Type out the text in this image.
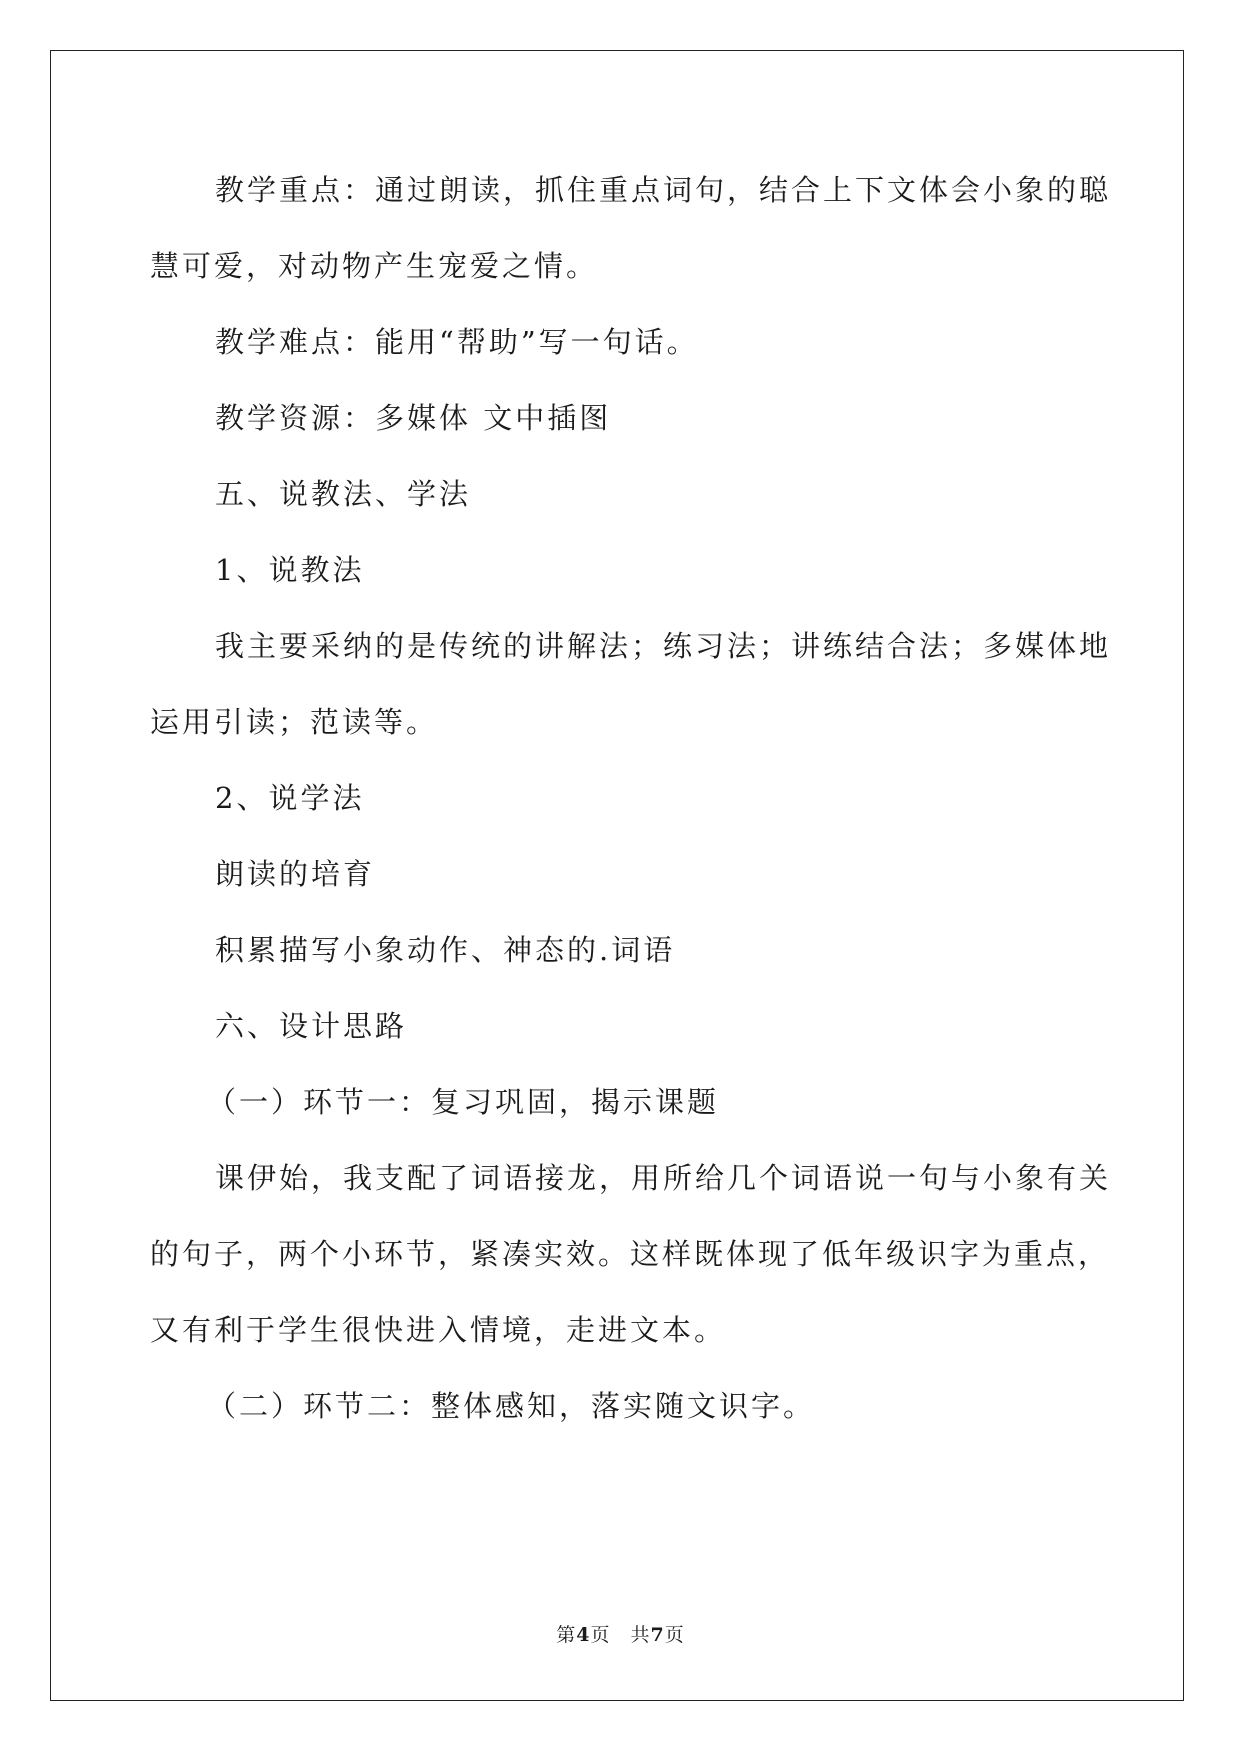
教学重点：通过朗读，抓住重点词句，结合上下文体会小象的聪

慧可爱，对动物产生宠爱之情。

教学难点：能用“帮助”写一句话。

教学资源：多媒体 文中插图

五、说教法、学法

1、说教法

我主要采纳的是传统的讲解法；练习法；讲练结合法；多媒体地

运用引读；范读等。

2、说学法

朗读的培育

积累描写小象动作、神态的.词语

六、设计思路

（一）环节一：复习巩固，揭示课题

课伊始，我支配了词语接龙，用所给几个词语说一句与小象有关

的句子，两个小环节，紧凑实效。这样既体现了低年级识字为重点，

又有利于学生很快进入情境，走进文本。

（二）环节二：整体感知，落实随文识字。

第4页　共7页
